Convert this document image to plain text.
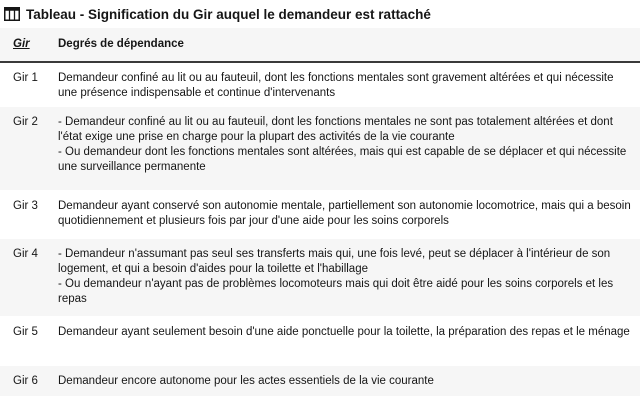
Tableau - Signification du Gir auquel le demandeur est rattaché
Gir	Degrés de dépendance
Gir 1	Demandeur confiné au lit ou au fauteuil, dont les fonctions mentales sont gravement altérées et qui nécessite une présence indispensable et continue d'intervenants

Gir 2	- Demandeur confiné au lit ou au fauteuil, dont les fonctions mentales ne sont pas totalement altérées et dont l'état exige une prise en charge pour la plupart des activités de la vie courante
- Ou demandeur dont les fonctions mentales sont altérées, mais qui est capable de se déplacer et qui nécessite une surveillance permanente

Gir 3	Demandeur ayant conservé son autonomie mentale, partiellement son autonomie locomotrice, mais qui a besoin quotidiennement et plusieurs fois par jour d'une aide pour les soins corporels

Gir 4	- Demandeur n'assumant pas seul ses transferts mais qui, une fois levé, peut se déplacer à l'intérieur de son logement, et qui a besoin d'aides pour la toilette et l'habillage
- Ou demandeur n'ayant pas de problèmes locomoteurs mais qui doit être aidé pour les soins corporels et les repas

Gir 5	Demandeur ayant seulement besoin d'une aide ponctuelle pour la toilette, la préparation des repas et le ménage

Gir 6	Demandeur encore autonome pour les actes essentiels de la vie courante
